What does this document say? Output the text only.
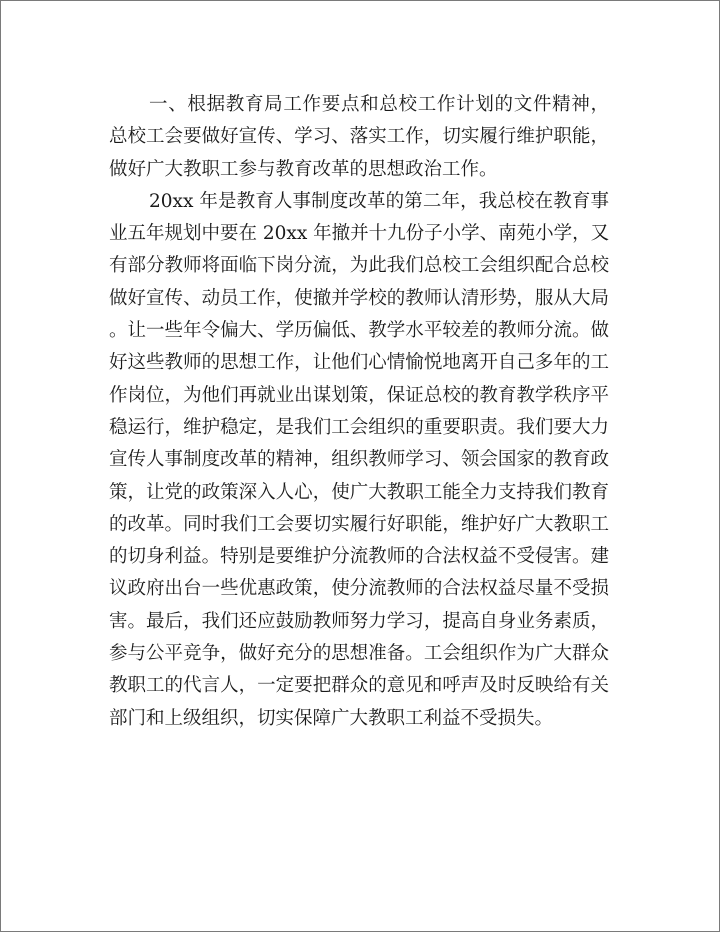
一、根据教育局工作要点和总校工作计划的文件精神，
总校工会要做好宣传、学习、落实工作，切实履行维护职能，
做好广大教职工参与教育改革的思想政治工作。
20xx 年是教育人事制度改革的第二年，我总校在教育事
业五年规划中要在 20xx 年撤并十九份子小学、南苑小学，又
有部分教师将面临下岗分流，为此我们总校工会组织配合总校
做好宣传、动员工作，使撤并学校的教师认清形势，服从大局
。让一些年令偏大、学历偏低、教学水平较差的教师分流。做
好这些教师的思想工作，让他们心情愉悦地离开自己多年的工
作岗位，为他们再就业出谋划策，保证总校的教育教学秩序平
稳运行，维护稳定，是我们工会组织的重要职责。我们要大力
宣传人事制度改革的精神，组织教师学习、领会国家的教育政
策，让党的政策深入人心，使广大教职工能全力支持我们教育
的改革。同时我们工会要切实履行好职能，维护好广大教职工
的切身利益。特别是要维护分流教师的合法权益不受侵害。建
议政府出台一些优惠政策，使分流教师的合法权益尽量不受损
害。最后，我们还应鼓励教师努力学习，提高自身业务素质，
参与公平竞争，做好充分的思想准备。工会组织作为广大群众
教职工的代言人，一定要把群众的意见和呼声及时反映给有关
部门和上级组织，切实保障广大教职工利益不受损失。
